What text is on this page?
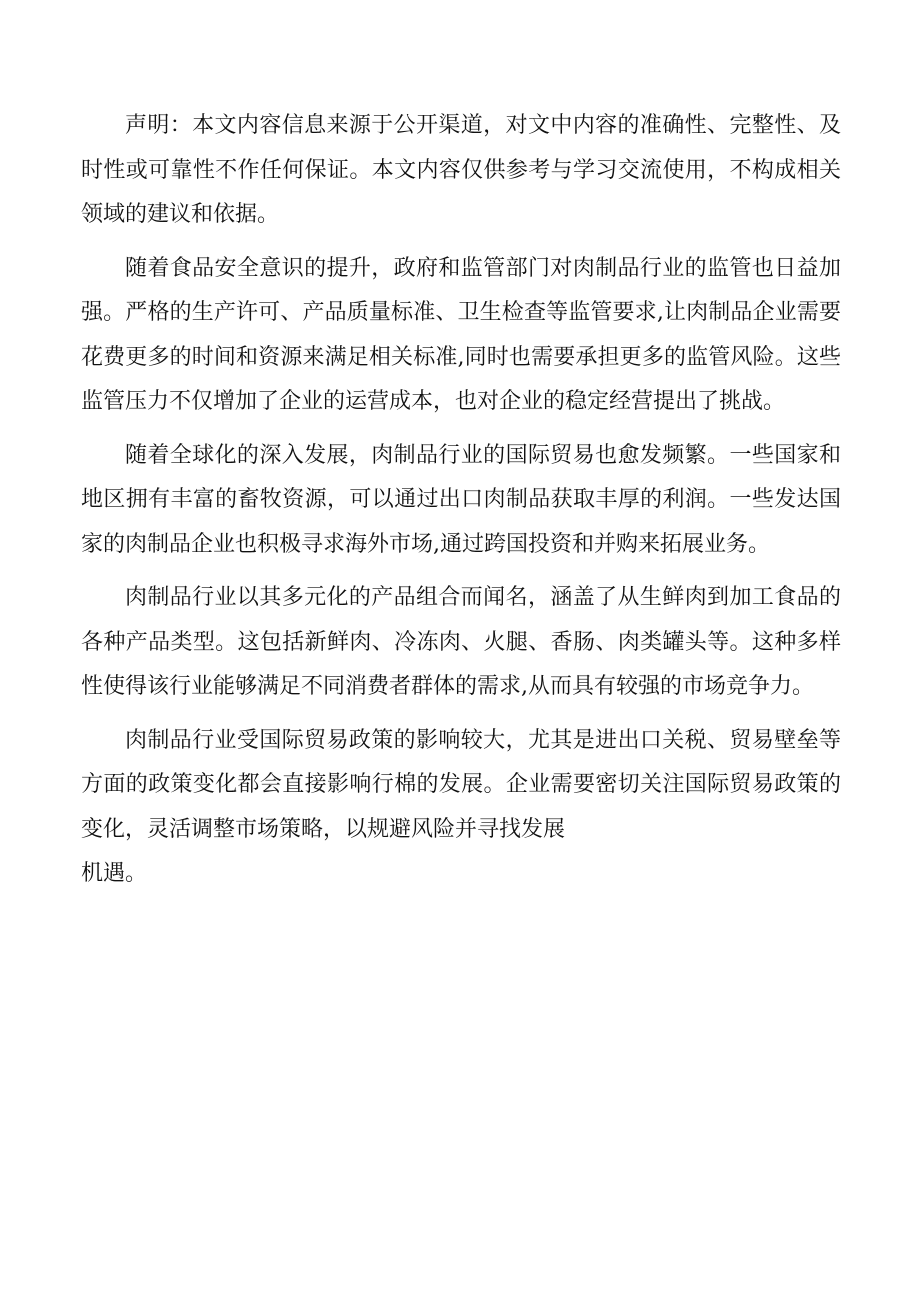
声明：本文内容信息来源于公开渠道，对文中内容的准确性、完整性、及时性或可靠性不作任何保证。本文内容仅供参考与学习交流使用，不构成相关领域的建议和依据。

随着食品安全意识的提升，政府和监管部门对肉制品行业的监管也日益加强。严格的生产许可、产品质量标准、卫生检查等监管要求,让肉制品企业需要花费更多的时间和资源来满足相关标准,同时也需要承担更多的监管风险。这些监管压力不仅增加了企业的运营成本，也对企业的稳定经营提出了挑战。

随着全球化的深入发展，肉制品行业的国际贸易也愈发频繁。一些国家和地区拥有丰富的畜牧资源，可以通过出口肉制品获取丰厚的利润。一些发达国家的肉制品企业也积极寻求海外市场,通过跨国投资和并购来拓展业务。

肉制品行业以其多元化的产品组合而闻名，涵盖了从生鲜肉到加工食品的各种产品类型。这包括新鲜肉、冷冻肉、火腿、香肠、肉类罐头等。这种多样性使得该行业能够满足不同消费者群体的需求,从而具有较强的市场竞争力。

肉制品行业受国际贸易政策的影响较大，尤其是进出口关税、贸易壁垒等方面的政策变化都会直接影响行棉的发展。企业需要密切关注国际贸易政策的变化，灵活调整市场策略，以规避风险并寻找发展

机遇。
